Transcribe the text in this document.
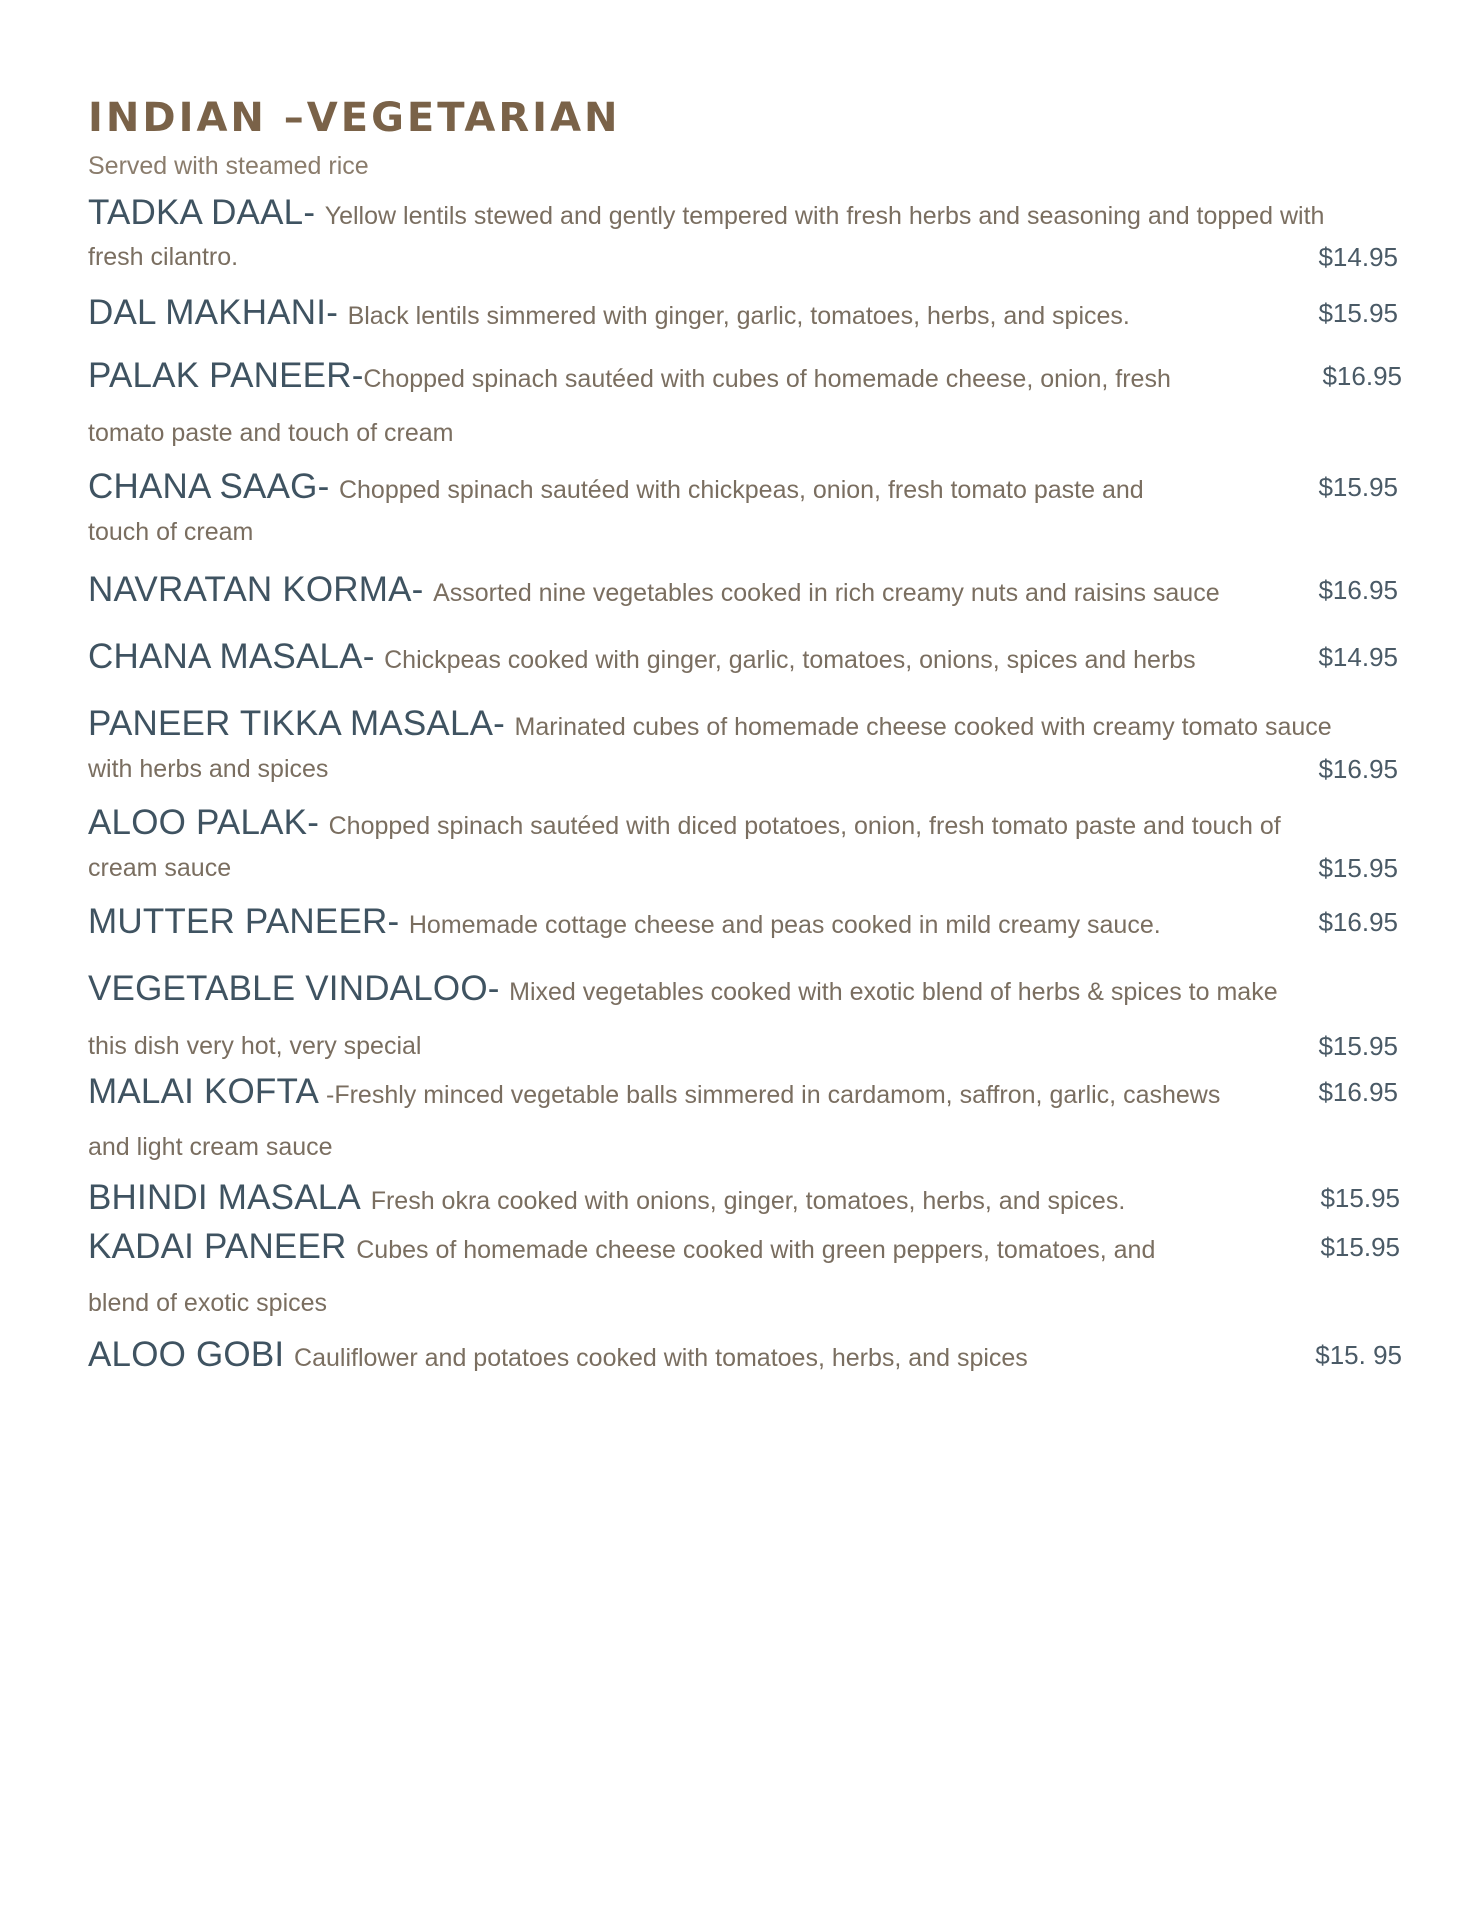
INDIAN –VEGETARIAN

Served with steamed rice

TADKA DAAL- Yellow lentils stewed and gently tempered with fresh herbs and seasoning and topped with
fresh cilantro.	$14.95
DAL MAKHANI- Black lentils simmered with ginger, garlic, tomatoes, herbs, and spices.	$15.95
PALAK PANEER-Chopped spinach sautéed with cubes of homemade cheese, onion, fresh	$16.95
tomato paste and touch of cream
CHANA SAAG- Chopped spinach sautéed with chickpeas, onion, fresh tomato paste and	$15.95
touch of cream
NAVRATAN KORMA- Assorted nine vegetables cooked in rich creamy nuts and raisins sauce	$16.95
CHANA MASALA- Chickpeas cooked with ginger, garlic, tomatoes, onions, spices and herbs	$14.95
PANEER TIKKA MASALA- Marinated cubes of homemade cheese cooked with creamy tomato sauce
with herbs and spices	$16.95
ALOO PALAK- Chopped spinach sautéed with diced potatoes, onion, fresh tomato paste and touch of
cream sauce	$15.95
MUTTER PANEER- Homemade cottage cheese and peas cooked in mild creamy sauce.	$16.95
VEGETABLE VINDALOO- Mixed vegetables cooked with exotic blend of herbs & spices to make
this dish very hot, very special	$15.95
MALAI KOFTA -Freshly minced vegetable balls simmered in cardamom, saffron, garlic, cashews	$16.95
and light cream sauce
BHINDI MASALA Fresh okra cooked with onions, ginger, tomatoes, herbs, and spices.	$15.95
KADAI PANEER Cubes of homemade cheese cooked with green peppers, tomatoes, and	$15.95
blend of exotic spices
ALOO GOBI Cauliflower and potatoes cooked with tomatoes, herbs, and spices	$15. 95
